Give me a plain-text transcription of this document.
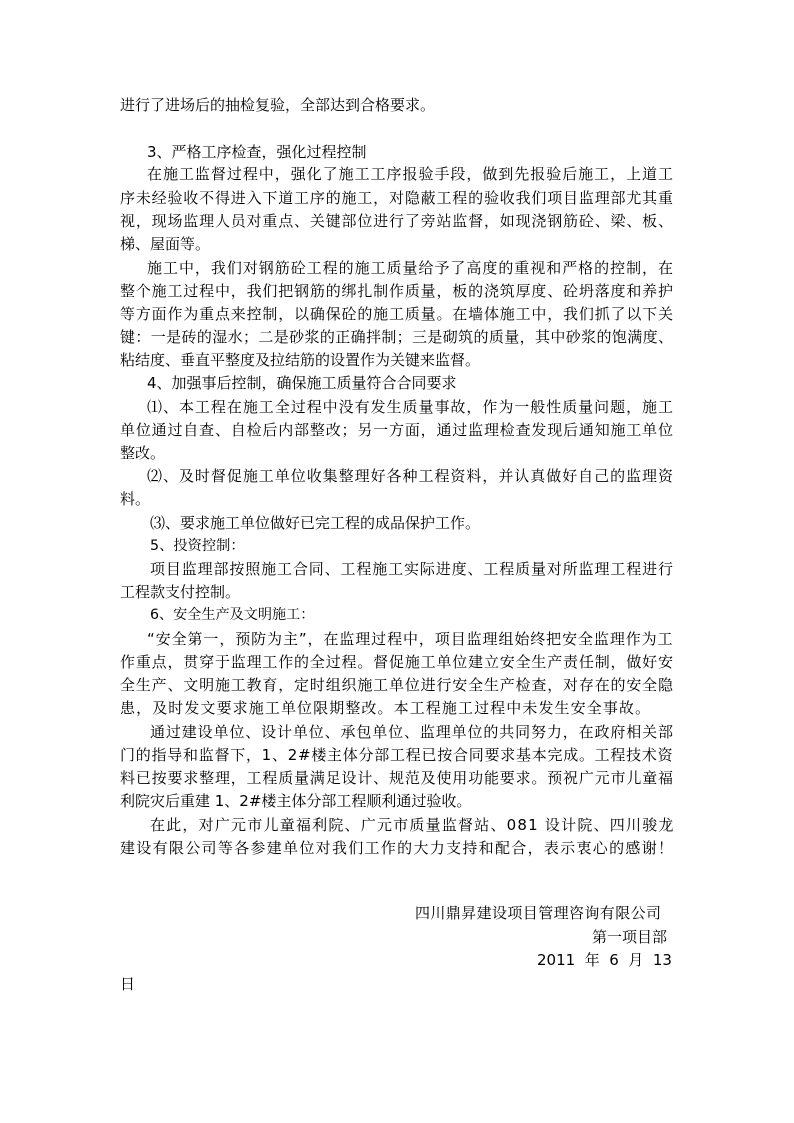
进行了进场后的抽检复验，全部达到合格要求。
3、严格工序检查，强化过程控制
在施工监督过程中，强化了施工工序报验手段，做到先报验后施工，上道工
序未经验收不得进入下道工序的施工，对隐蔽工程的验收我们项目监理部尤其重
视，现场监理人员对重点、关键部位进行了旁站监督，如现浇钢筋砼、梁、板、
梯、屋面等。
施工中，我们对钢筋砼工程的施工质量给予了高度的重视和严格的控制，在
整个施工过程中，我们把钢筋的绑扎制作质量，板的浇筑厚度、砼坍落度和养护
等方面作为重点来控制，以确保砼的施工质量。在墙体施工中，我们抓了以下关
键：一是砖的湿水；二是砂浆的正确拌制；三是砌筑的质量，其中砂浆的饱满度、
粘结度、垂直平整度及拉结筋的设置作为关键来监督。
4、加强事后控制，确保施工质量符合合同要求
⑴、本工程在施工全过程中没有发生质量事故，作为一般性质量问题，施工
单位通过自查、自检后内部整改；另一方面，通过监理检查发现后通知施工单位
整改。
⑵、及时督促施工单位收集整理好各种工程资料，并认真做好自己的监理资
料。
⑶、要求施工单位做好已完工程的成品保护工作。
5、投资控制：
项目监理部按照施工合同、工程施工实际进度、工程质量对所监理工程进行
工程款支付控制。
6、安全生产及文明施工：
“安全第一，预防为主”，在监理过程中，项目监理组始终把安全监理作为工
作重点，贯穿于监理工作的全过程。督促施工单位建立安全生产责任制，做好安
全生产、文明施工教育，定时组织施工单位进行安全生产检查，对存在的安全隐
患，及时发文要求施工单位限期整改。本工程施工过程中未发生安全事故。
通过建设单位、设计单位、承包单位、监理单位的共同努力，在政府相关部
门的指导和监督下，1、2#楼主体分部工程已按合同要求基本完成。工程技术资
料已按要求整理，工程质量满足设计、规范及使用功能要求。预祝广元市儿童福
利院灾后重建 1、2#楼主体分部工程顺利通过验收。
在此，对广元市儿童福利院、广元市质量监督站、081 设计院、四川骏龙
建设有限公司等各参建单位对我们工作的大力支持和配合，表示衷心的感谢！
四川鼎昇建设项目管理咨询有限公司
第一项目部
2011  年  6  月  13
日
